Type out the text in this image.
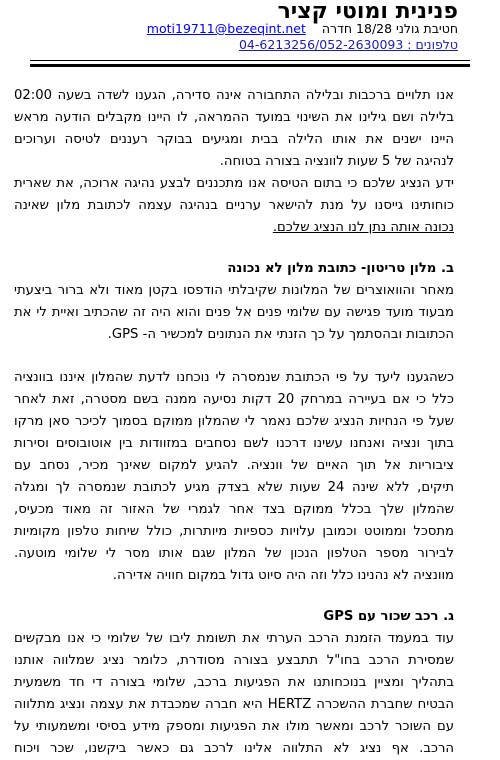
פנינית ומוטי קציר
חטיבת גולני 18/28 חדרהmoti19711@bezeqint.net
טלפונים : 04-6213256/052-2630093
אנו תלויים ברכבות ובלילה התחבורה אינה סדירה, הגענו לשדה בשעה 02:00
בלילה ושם גילינו את השינוי במועד ההמראה, לו היינו מקבלים הודעה מראש
היינו ישנים את אותו הלילה בבית ומגיעים בבוקר רעננים לטיסה וערוכים
לנהיגה של 5 שעות לוונציה בצורה בטוחה.
ידע הנציג שלכם כי בתום הטיסה אנו מתכננים לבצע נהיגה ארוכה, את שארית
כוחותינו גייסנו על מנת להישאר ערניים בנהיגה עצמה לכתובת מלון שאינה
נכונה אותה נתן לנו הנציג שלכם.
ב. מלון טריטון- כתובת מלון לא נכונה
מאחר והוואוצרים של המלונות שקיבלתי הודפסו בקטן מאוד ולא ברור ביצעתי
מבעוד מועד פגישה עם שלומי פנים אל פנים והוא היה זה שהכתיב ואיית לי את
הכתובות ובהסתמך על כך הזנתי את הנתונים למכשיר ה- GPS.
כשהגענו ליעד על פי הכתובת שנמסרה לי נוכחנו לדעת שהמלון איננו בוונציה
כלל כי אם בעיירה במרחק 20 דקות נסיעה ממנה בשם מסטרה, זאת לאחר
שעל פי הנחיות הנציג שלכם נאמר לי שהמלון ממוקם בסמוך לכיכר סאן מרקו
בתוך ונציה ואנחנו עשינו דרכנו לשם נסחבים במזוודות בין אוטובוסים וסירות
ציבוריות אל תוך האיים של וונציה. להגיע למקום שאינך מכיר, נסחב עם
תיקים, ללא שינה 24 שעות שלא בצדק מגיע לכתובת שנמסרה לך ומגלה
שהמלון שלך בכלל ממוקם בצד אחר לגמרי של האזור זה מאוד מכעיס,
מתסכל וממוטט וכמובן עלויות כספיות מיותרות, כולל שיחות טלפון מקומיות
לבירור מספר הטלפון הנכון של המלון שגם אותו מסר לי שלומי מוטעה.
מוונציה לא נהנינו כלל וזה היה סיוט גדול במקום חוויה אדירה.
ג. רכב שכור עם GPS
עוד במעמד הזמנת הרכב הערתי את תשומת ליבו של שלומי כי אנו מבקשים
שמסירת הרכב בחו"ל תתבצע בצורה מסודרת, כלומר נציג שמלווה אותנו
בתהליך ומציין בנוכחותנו את הפגיעות ברכב, שלומי בצורה די חד משמעית
הבטיח שחברת ההשכרה HERTZ היא חברה שמכבדת את עצמה ונציג מתלווה
עם השוכר לרכב ומאשר מולו את הפגיעות ומספק מידע בסיסי ומשמעותי על
הרכב. אף נציג לא התלווה אלינו לרכב גם כאשר ביקשנו, שכר ויכוח
